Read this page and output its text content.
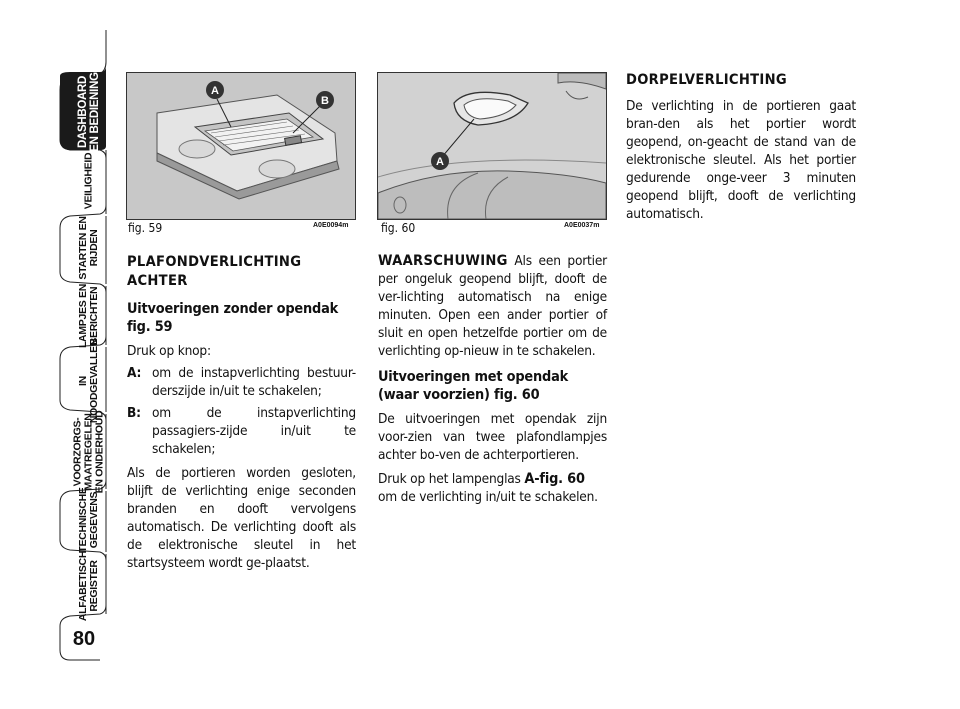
DASHBOARD
EN BEDIENING
VEILIGHEID
STARTEN EN
RIJDEN
LAMPJES EN
BERICHTEN
IN
NOODGEVALLEN
VOORZORGS-
MAATREGELEN
EN ONDERHOUD
TECHNISCHE
GEGEVENS
ALFABETISCH
REGISTER
80
A
B
fig. 59	A0E0094m
A
fig. 60	A0E0037m
PLAFONDVERLICHTING
ACHTER
Uitvoeringen zonder opendak
fig. 59

Druk op knop:

A: om de instapverlichting bestuur-derszijde in/uit te schakelen;
B: om de instapverlichting passagiers-zijde in/uit te schakelen;

Als de portieren worden gesloten, blijft de verlichting enige seconden branden en dooft vervolgens automatisch. De verlichting dooft als de elektronische sleutel in het startsysteem wordt ge-plaatst.

WAARSCHUWING Als een portier per ongeluk geopend blijft, dooft de ver-lichting automatisch na enige minuten. Open een ander portier of sluit en open hetzelfde portier om de verlichting op-nieuw in te schakelen.

Uitvoeringen met opendak
(waar voorzien) fig. 60

De uitvoeringen met opendak zijn voor-zien van twee plafondlampjes achter bo-ven de achterportieren.

Druk op het lampenglas A-fig. 60 om de verlichting in/uit te schakelen.

DORPELVERLICHTING

De verlichting in de portieren gaat bran-den als het portier wordt geopend, on-geacht de stand van de elektronische sleutel. Als het portier gedurende onge-veer 3 minuten geopend blijft, dooft de verlichting automatisch.
